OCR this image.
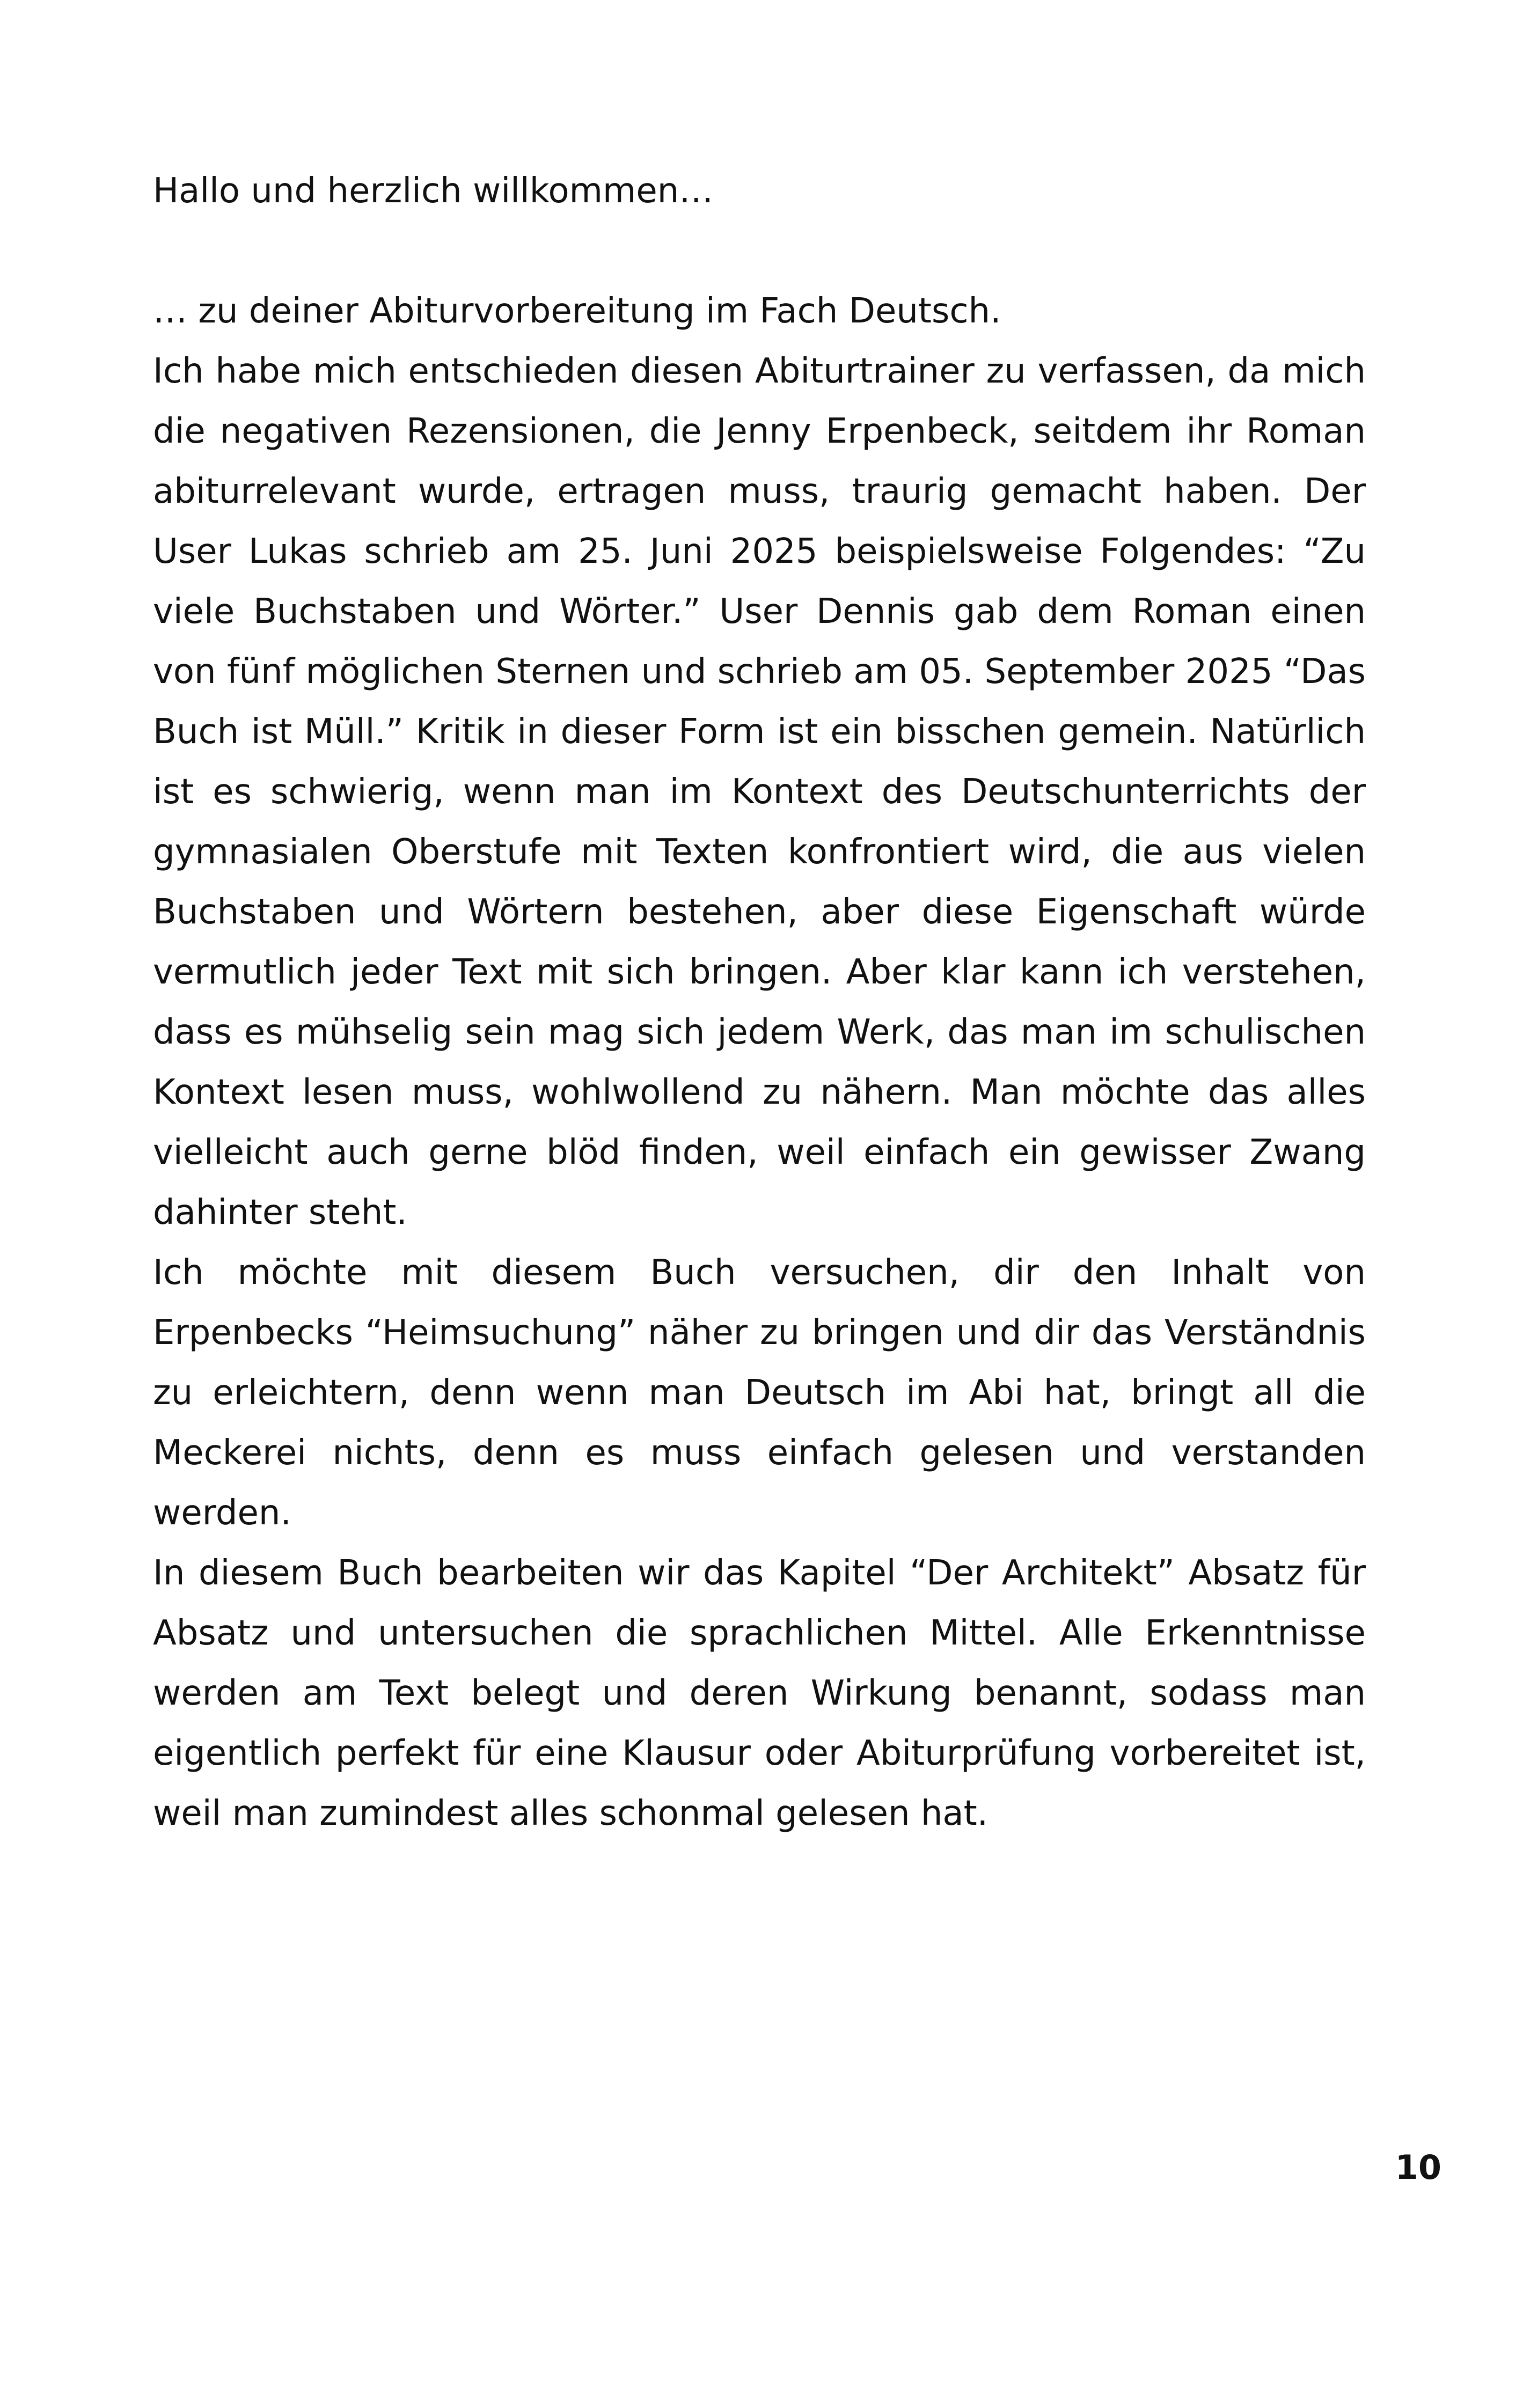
Hallo und herzlich willkommen…

… zu deiner Abiturvorbereitung im Fach Deutsch.

Ich habe mich entschieden diesen Abiturtrainer zu verfassen, da mich die negativen Rezensionen, die Jenny Erpenbeck, seitdem ihr Roman abiturrelevant wurde, ertragen muss, traurig gemacht haben. Der User Lukas schrieb am 25. Juni 2025 beispielsweise Folgendes: “Zu viele Buchstaben und Wörter.” User Dennis gab dem Roman einen von fünf möglichen Sternen und schrieb am 05. September 2025 “Das Buch ist Müll.” Kritik in dieser Form ist ein bisschen gemein. Natürlich ist es schwierig, wenn man im Kontext des Deutschunterrichts der gymnasialen Oberstufe mit Texten konfrontiert wird, die aus vielen Buchstaben und Wörtern bestehen, aber diese Eigenschaft würde vermutlich jeder Text mit sich bringen. Aber klar kann ich verstehen, dass es mühselig sein mag sich jedem Werk, das man im schulischen Kontext lesen muss, wohlwollend zu nähern. Man möchte das alles vielleicht auch gerne blöd finden, weil einfach ein gewisser Zwang dahinter steht.

Ich möchte mit diesem Buch versuchen, dir den Inhalt von Erpenbecks “Heimsuchung” näher zu bringen und dir das Verständnis zu erleichtern, denn wenn man Deutsch im Abi hat, bringt all die Meckerei nichts, denn es muss einfach gelesen und verstanden werden.

In diesem Buch bearbeiten wir das Kapitel “Der Architekt” Absatz für Absatz und untersuchen die sprachlichen Mittel. Alle Erkenntnisse werden am Text belegt und deren Wirkung benannt, sodass man eigentlich perfekt für eine Klausur oder Abiturprüfung vorbereitet ist, weil man zumindest alles schonmal gelesen hat.

10
